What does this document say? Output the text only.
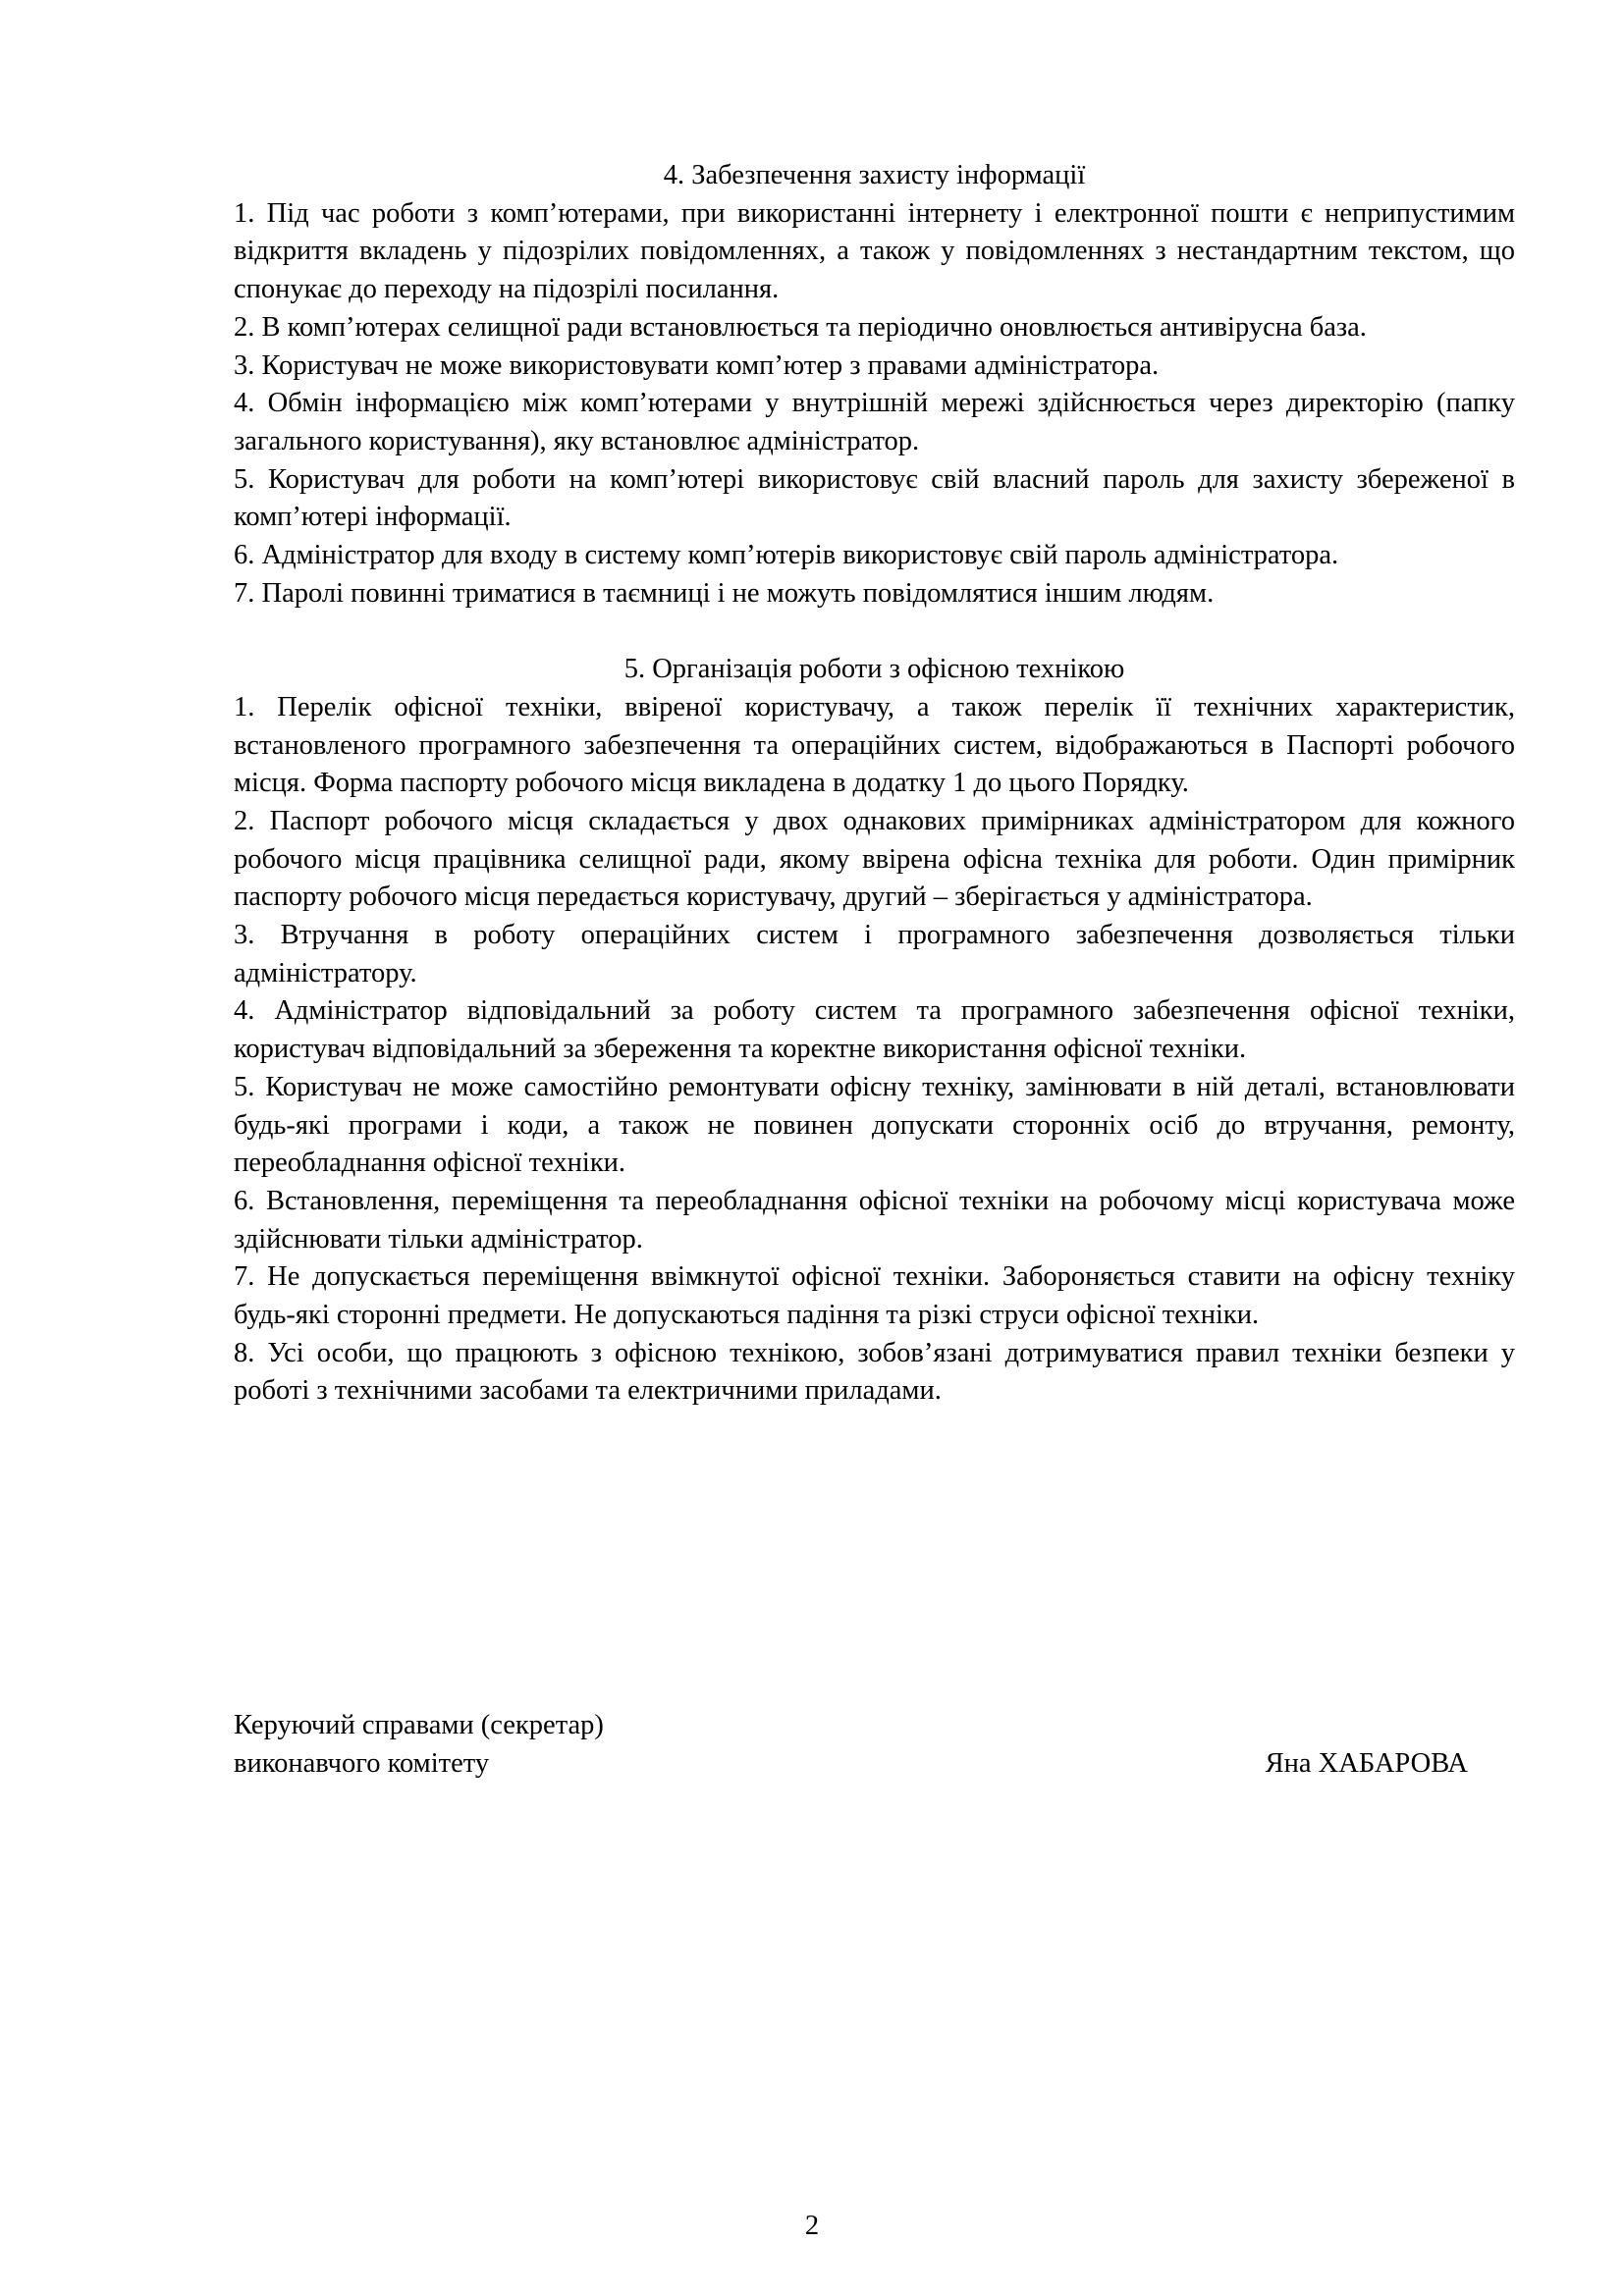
4. Забезпечення захисту інформації

1. Під час роботи з комп’ютерами, при використанні інтернету і електронної пошти є неприпустимим відкриття вкладень у підозрілих повідомленнях, а також у повідомленнях з нестандартним текстом, що спонукає до переходу на підозрілі посилання.

2. В комп’ютерах селищної ради встановлюється та періодично оновлюється антивірусна база.

3. Користувач не може використовувати комп’ютер з правами адміністратора.

4. Обмін інформацією між комп’ютерами у внутрішній мережі здійснюється через директорію (папку загального користування), яку встановлює адміністратор.

5. Користувач для роботи на комп’ютері використовує свій власний пароль для захисту збереженої в комп’ютері інформації.

6. Адміністратор для входу в систему комп’ютерів використовує свій пароль адміністратора.

7. Паролі повинні триматися в таємниці і не можуть повідомлятися іншим людям.

5. Організація роботи з офісною технікою

1. Перелік офісної техніки, ввіреної користувачу, а також перелік її технічних характеристик, встановленого програмного забезпечення та операційних систем, відображаються в Паспорті робочого місця. Форма паспорту робочого місця викладена в додатку 1 до цього Порядку.

2. Паспорт робочого місця складається у двох однакових примірниках адміністратором для кожного робочого місця працівника селищної ради, якому ввірена офісна техніка для роботи. Один примірник паспорту робочого місця передається користувачу, другий – зберігається у адміністратора.

3. Втручання в роботу операційних систем і програмного забезпечення дозволяється тільки адміністратору.

4. Адміністратор відповідальний за роботу систем та програмного забезпечення офісної техніки, користувач відповідальний за збереження та коректне використання офісної техніки.

5. Користувач не може самостійно ремонтувати офісну техніку, замінювати в ній деталі, встановлювати будь-які програми і коди, а також не повинен допускати сторонніх осіб до втручання, ремонту, переобладнання офісної техніки.

6. Встановлення, переміщення та переобладнання офісної техніки на робочому місці користувача може здійснювати тільки адміністратор.

7. Не допускається переміщення ввімкнутої офісної техніки. Забороняється ставити на офісну техніку будь-які сторонні предмети. Не допускаються падіння та різкі струси офісної техніки.

8. Усі особи, що працюють з офісною технікою, зобов’язані дотримуватися правил техніки безпеки у роботі з технічними засобами та електричними приладами.

Керуючий справами (секретар)
виконавчого комітету	Яна ХАБАРОВА
2
